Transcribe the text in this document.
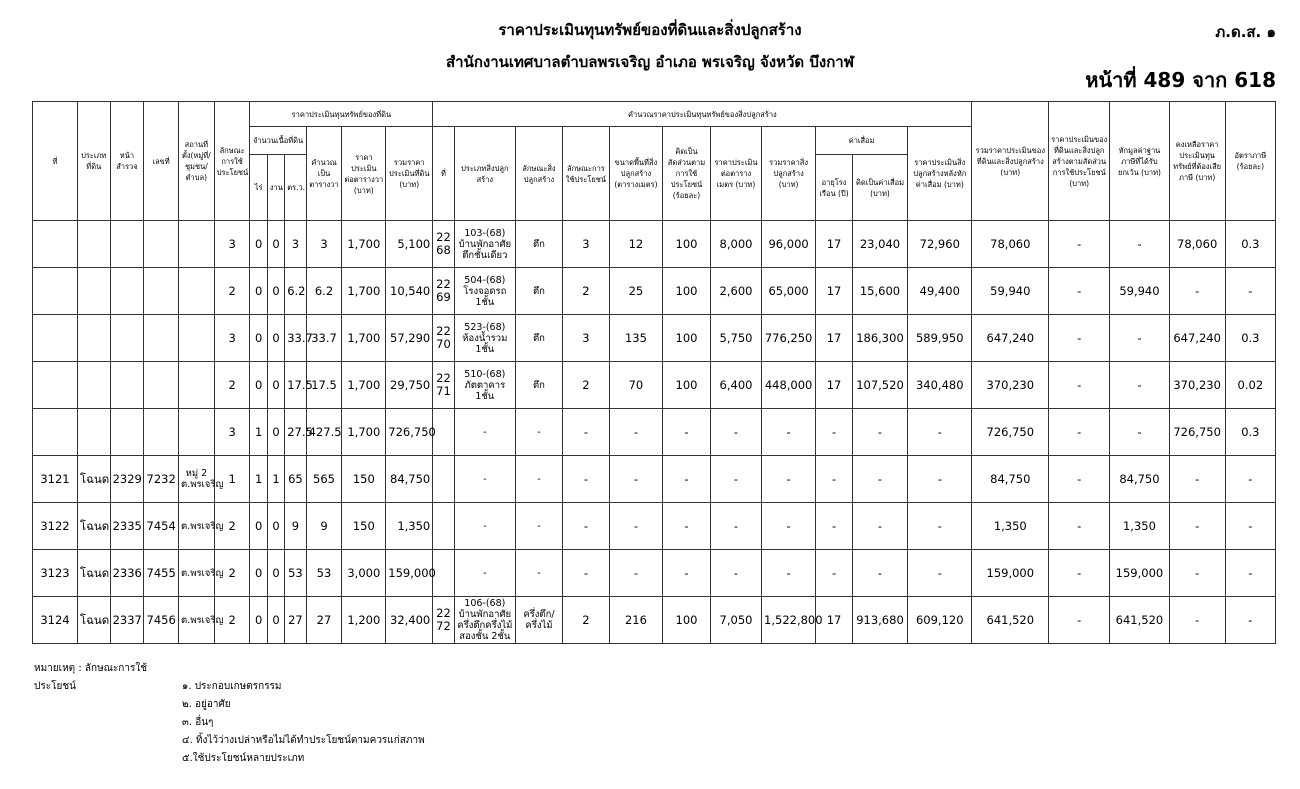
ราคาประเมินทุนทรัพย์ของที่ดินและสิ่งปลูกสร้าง
สำนักงานเทศบาลตำบลพรเจริญ อำเภอ พรเจริญ จังหวัด บึงกาฬ
ภ.ด.ส. ๑
หน้าที่ 489 จาก 618
ที่	ประเภทที่ดิน	หน้าสำรวจ	เลขที่	สถานที่ตั้ง(หมู่ที่/ชุมชน/ตำบล)	ลักษณะการใช้ประโยชน์	ราคาประเมินทุนทรัพย์ของที่ดิน						คำนวณราคาประเมินทุนทรัพย์ของสิ่งปลูกสร้าง											รวมราคาประเมินของที่ดินและสิ่งปลูกสร้าง (บาท)	ราคาประเมินของที่ดินและสิ่งปลูกสร้างตามสัดส่วนการใช้ประโยชน์ (บาท)	หักมูลค่าฐานภาษีที่ได้รับยกเว้น (บาท)	คงเหลือราคาประเมินทุนทรัพย์ที่ต้องเสียภาษี (บาท)	อัตราภาษี (ร้อยละ)
						จำนวนเนื้อที่ดิน			คำนวณเป็นตารางวา	ราคาประเมินต่อตารางวา (บาท)	รวมราคาประเมินที่ดิน (บาท)	ที่	ประเภทสิ่งปลูกสร้าง	ลักษณะสิ่งปลูกสร้าง	ลักษณะการใช้ประโยชน์	ขนาดพื้นที่สิ่งปลูกสร้าง (ตารางเมตร)	คิดเป็นสัดส่วนตามการใช้ประโยชน์ (ร้อยละ)	ราคาประเมินต่อตารางเมตร (บาท)	รวมราคาสิ่งปลูกสร้าง (บาท)	ค่าเสื่อม		ราคาประเมินสิ่งปลูกสร้างหลังหักค่าเสื่อม (บาท)					
						ไร่	งาน	ตร.ว.												อายุโรงเรือน (ปี)	คิดเป็นค่าเสื่อม (บาท)						
					3	0	0	3	3	1,700	5,100	22 68	103-(68) บ้านพักอาศัยตึกชั้นเดียว	ตึก	3	12	100	8,000	96,000	17	23,040	72,960	78,060	-	-	78,060	0.3
					2	0	0	6.2	6.2	1,700	10,540	22 69	504-(68) โรงจอดรถ 1ชั้น	ตึก	2	25	100	2,600	65,000	17	15,600	49,400	59,940	-	59,940	-	-
					3	0	0	33.7	33.7	1,700	57,290	22 70	523-(68) ห้องน้ำรวม 1ชั้น	ตึก	3	135	100	5,750	776,250	17	186,300	589,950	647,240	-	-	647,240	0.3
					2	0	0	17.5	17.5	1,700	29,750	22 71	510-(68) ภัตตาคาร 1ชั้น	ตึก	2	70	100	6,400	448,000	17	107,520	340,480	370,230	-	-	370,230	0.02
					3	1	0	27.5	427.5	1,700	726,750		-	-	-	-	-	-	-	-	-	-	726,750	-	-	726,750	0.3
3121	โฉนด	2329	7232	หมู่ 2 ต.พรเจริญ	1	1	1	65	565	150	84,750		-	-	-	-	-	-	-	-	-	-	84,750	-	84,750	-	-
3122	โฉนด	2335	7454	ต.พรเจริญ	2	0	0	9	9	150	1,350		-	-	-	-	-	-	-	-	-	-	1,350	-	1,350	-	-
3123	โฉนด	2336	7455	ต.พรเจริญ	2	0	0	53	53	3,000	159,000		-	-	-	-	-	-	-	-	-	-	159,000	-	159,000	-	-
3124	โฉนด	2337	7456	ต.พรเจริญ	2	0	0	27	27	1,200	32,400	22 72	106-(68) บ้านพักอาศัยครึ่งตึกครึ่งไม้สองชั้น 2ชั้น	ครึ่งตึก/ครึ่งไม้	2	216	100	7,050	1,522,800	17	913,680	609,120	641,520	-	641,520	-	-
หมายเหตุ : ลักษณะการใช้ประโยชน์	๑. ประกอบเกษตรกรรม
๒. อยู่อาศัย
๓. อื่นๆ
๔. ทิ้งไว้ว่างเปล่าหรือไม่ได้ทำประโยชน์ตามควรแก่สภาพ
๕.ใช้ประโยชน์หลายประเภท
